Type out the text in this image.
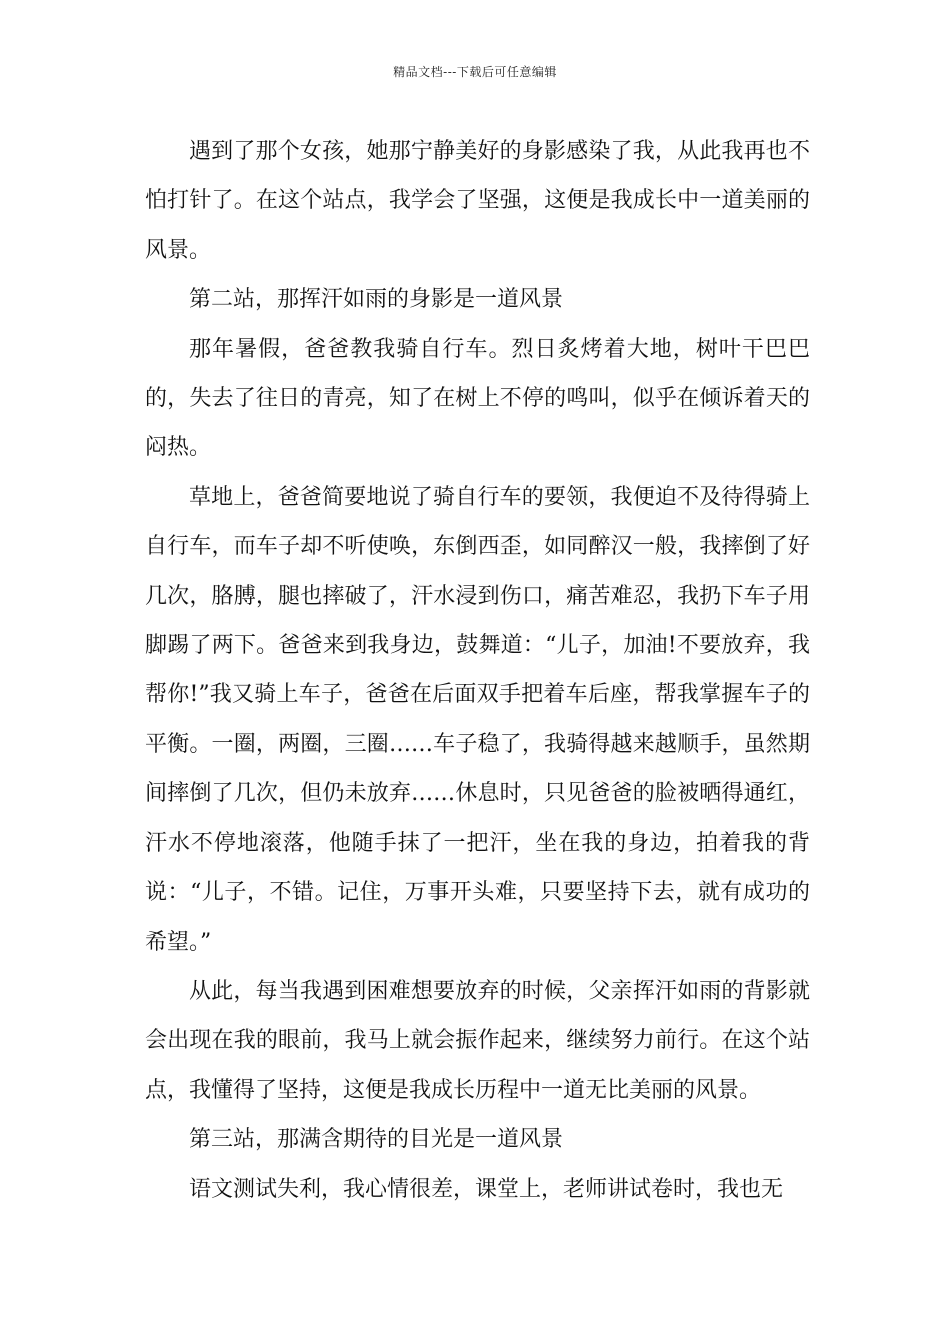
精品文档---下载后可任意编辑

遇到了那个女孩，她那宁静美好的身影感染了我，从此我再也不怕打针了。在这个站点，我学会了坚强，这便是我成长中一道美丽的风景。

第二站，那挥汗如雨的身影是一道风景

那年暑假，爸爸教我骑自行车。烈日炙烤着大地，树叶干巴巴的，失去了往日的青亮，知了在树上不停的鸣叫，似乎在倾诉着天的闷热。

草地上，爸爸简要地说了骑自行车的要领，我便迫不及待得骑上自行车，而车子却不听使唤，东倒西歪，如同醉汉一般，我摔倒了好几次，胳膊，腿也摔破了，汗水浸到伤口，痛苦难忍，我扔下车子用脚踢了两下。爸爸来到我身边，鼓舞道：“儿子，加油!不要放弃，我帮你!”我又骑上车子，爸爸在后面双手把着车后座，帮我掌握车子的平衡。一圈，两圈，三圈……车子稳了，我骑得越来越顺手，虽然期间摔倒了几次，但仍未放弃……休息时，只见爸爸的脸被晒得通红，汗水不停地滚落，他随手抹了一把汗，坐在我的身边，拍着我的背说：“儿子，不错。记住，万事开头难，只要坚持下去，就有成功的希望。”

从此，每当我遇到困难想要放弃的时候，父亲挥汗如雨的背影就会出现在我的眼前，我马上就会振作起来，继续努力前行。在这个站点，我懂得了坚持，这便是我成长历程中一道无比美丽的风景。

第三站，那满含期待的目光是一道风景

语文测试失利，我心情很差，课堂上，老师讲试卷时，我也无
